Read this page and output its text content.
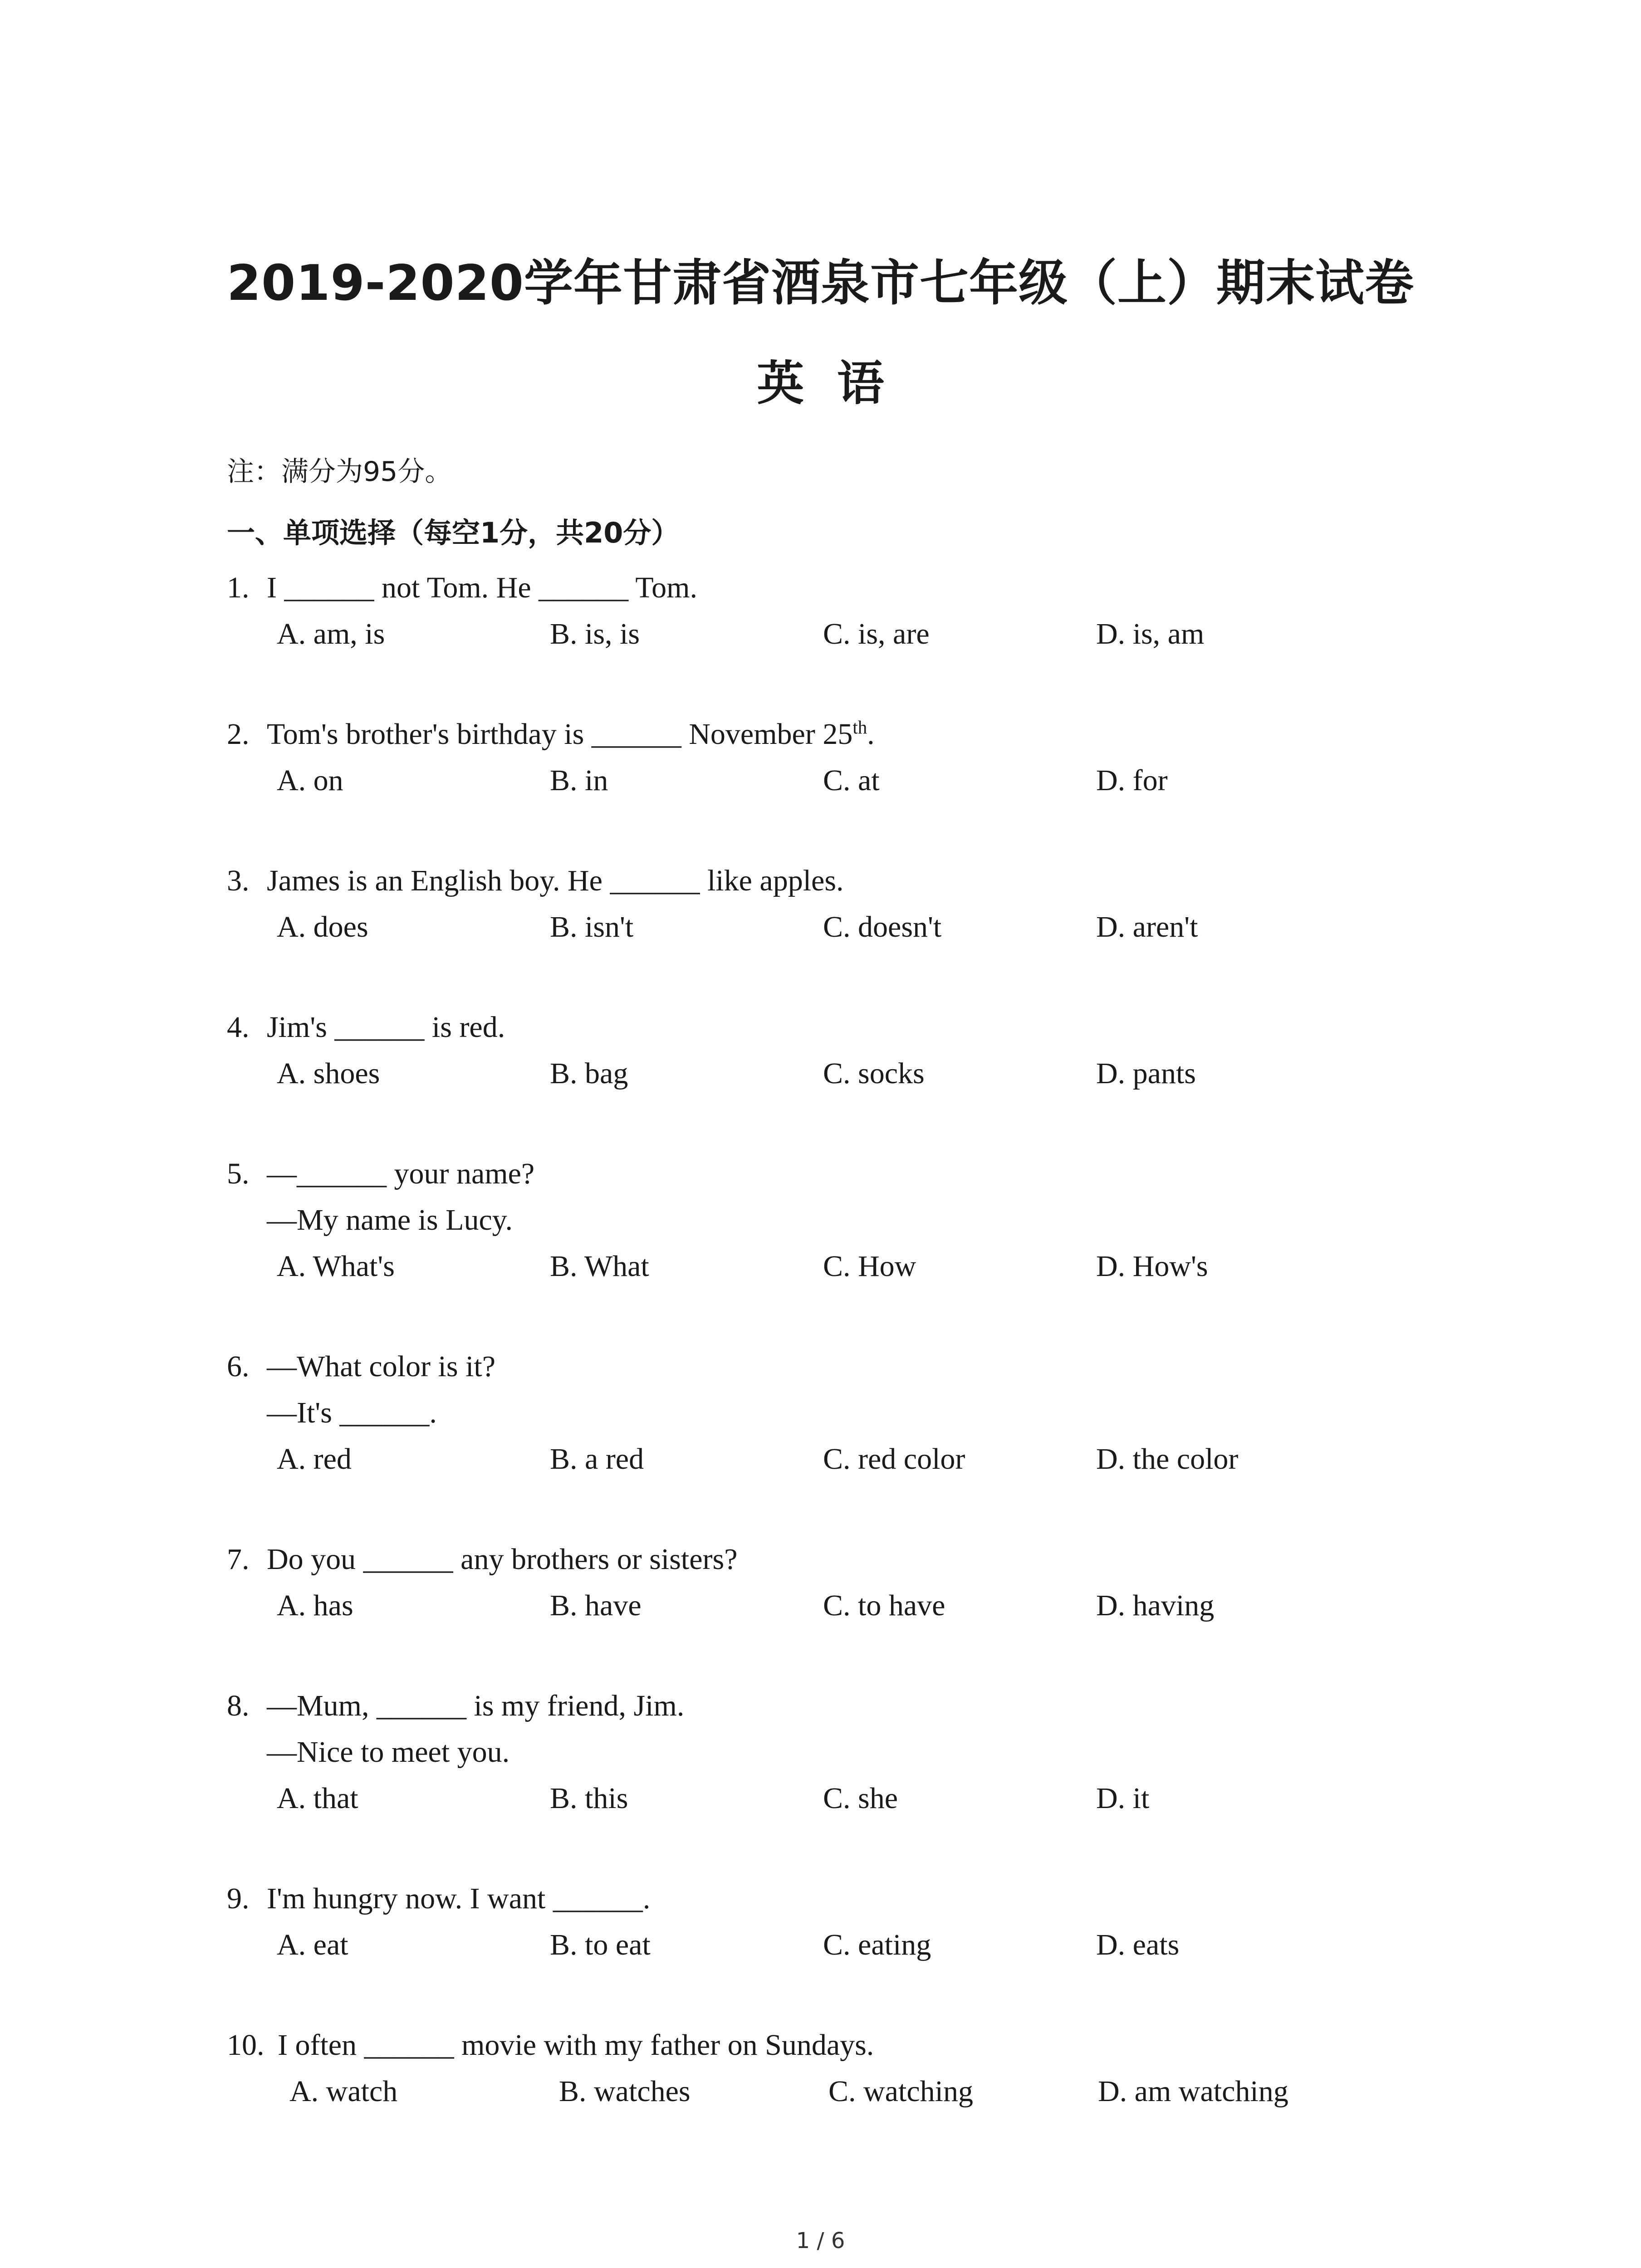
2019-2020学年甘肃省酒泉市七年级（上）期末试卷
英  语
注：满分为95分。
一、单项选择（每空1分，共20分）
1. I ______ not Tom. He ______ Tom.
A. am, is	B. is, is	C. is, are	D. is, am
2. Tom's brother's birthday is ______ November 25th.
A. on	B. in	C. at	D. for
3. James is an English boy. He ______ like apples.
A. does	B. isn't	C. doesn't	D. aren't
4. Jim's ______ is red.
A. shoes	B. bag	C. socks	D. pants
5. —______ your name?
—My name is Lucy.
A. What's	B. What	C. How	D. How's
6. —What color is it?
—It's ______.
A. red	B. a red	C. red color	D. the color
7. Do you ______ any brothers or sisters?
A. has	B. have	C. to have	D. having
8. —Mum, ______ is my friend, Jim.
—Nice to meet you.
A. that	B. this	C. she	D. it
9. I'm hungry now. I want ______.
A. eat	B. to eat	C. eating	D. eats
10. I often ______ movie with my father on Sundays.
A. watch	B. watches	C. watching	D. am watching
1 / 6
